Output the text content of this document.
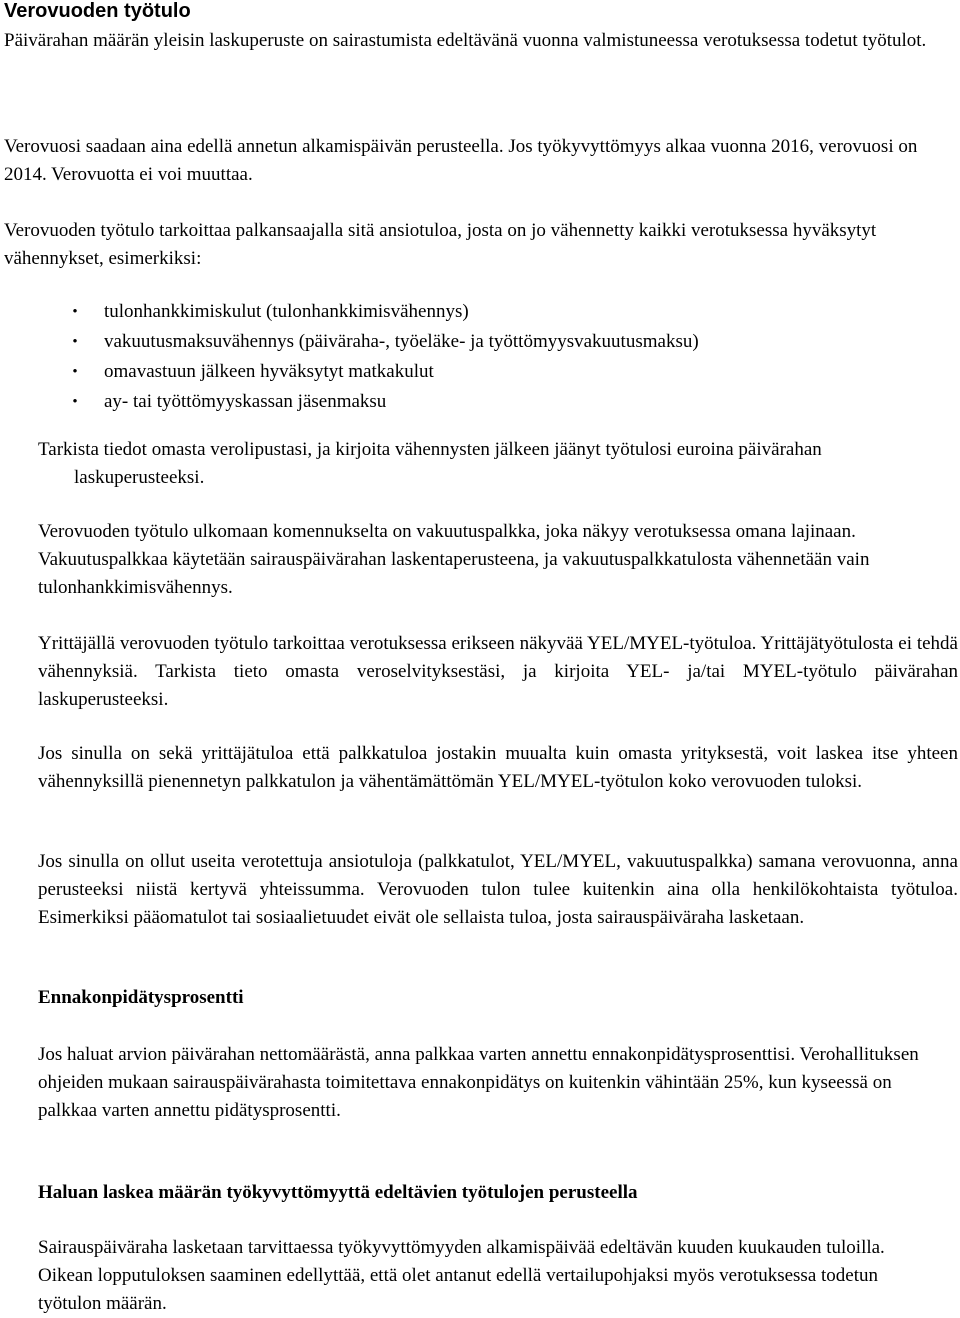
Verovuoden työtulo

Päivärahan määrän yleisin laskuperuste on sairastumista edeltävänä vuonna valmistuneessa verotuksessa todetut työtulot.

Verovuosi saadaan aina edellä annetun alkamispäivän perusteella. Jos työkyvyttömyys alkaa vuonna 2016, verovuosi on 2014. Verovuotta ei voi muuttaa.

Verovuoden työtulo tarkoittaa palkansaajalla sitä ansiotuloa, josta on jo vähennetty kaikki verotuksessa hyväksytyt vähennykset, esimerkiksi:

• tulonhankkimiskulut (tulonhankkimisvähennys)
• vakuutusmaksuvähennys (päiväraha-, työeläke- ja työttömyysvakuutusmaksu)
• omavastuun jälkeen hyväksytyt matkakulut
• ay- tai työttömyyskassan jäsenmaksu

Tarkista tiedot omasta verolipustasi, ja kirjoita vähennysten jälkeen jäänyt työtulosi euroina päivärahan laskuperusteeksi.

Verovuoden työtulo ulkomaan komennukselta on vakuutuspalkka, joka näkyy verotuksessa omana lajinaan. Vakuutuspalkkaa käytetään sairauspäivärahan laskentaperusteena, ja vakuutuspalkkatulosta vähennetään vain tulonhankkimisvähennys.

Yrittäjällä verovuoden työtulo tarkoittaa verotuksessa erikseen näkyvää YEL/MYEL-työtuloa. Yrittäjätyötulosta ei tehdä vähennyksiä. Tarkista tieto omasta veroselvityksestäsi, ja kirjoita YEL- ja/tai MYEL-työtulo päivärahan laskuperusteeksi.

Jos sinulla on sekä yrittäjätuloa että palkkatuloa jostakin muualta kuin omasta yrityksestä, voit laskea itse yhteen vähennyksillä pienennetyn palkkatulon ja vähentämättömän YEL/MYEL-työtulon koko verovuoden tuloksi.

Jos sinulla on ollut useita verotettuja ansiotuloja (palkkatulot, YEL/MYEL, vakuutuspalkka) samana verovuonna, anna perusteeksi niistä kertyvä yhteissumma. Verovuoden tulon tulee kuitenkin aina olla henkilökohtaista työtuloa. Esimerkiksi pääomatulot tai sosiaalietuudet eivät ole sellaista tuloa, josta sairauspäiväraha lasketaan.

Ennakonpidätysprosentti

Jos haluat arvion päivärahan nettomäärästä, anna palkkaa varten annettu ennakonpidätysprosenttisi. Verohallituksen ohjeiden mukaan sairauspäivärahasta toimitettava ennakonpidätys on kuitenkin vähintään 25%, kun kyseessä on palkkaa varten annettu pidätysprosentti.

Haluan laskea määrän työkyvyttömyyttä edeltävien työtulojen perusteella

Sairauspäiväraha lasketaan tarvittaessa työkyvyttömyyden alkamispäivää edeltävän kuuden kuukauden tuloilla. Oikean lopputuloksen saaminen edellyttää, että olet antanut edellä vertailupohjaksi myös verotuksessa todetun työtulon määrän.
